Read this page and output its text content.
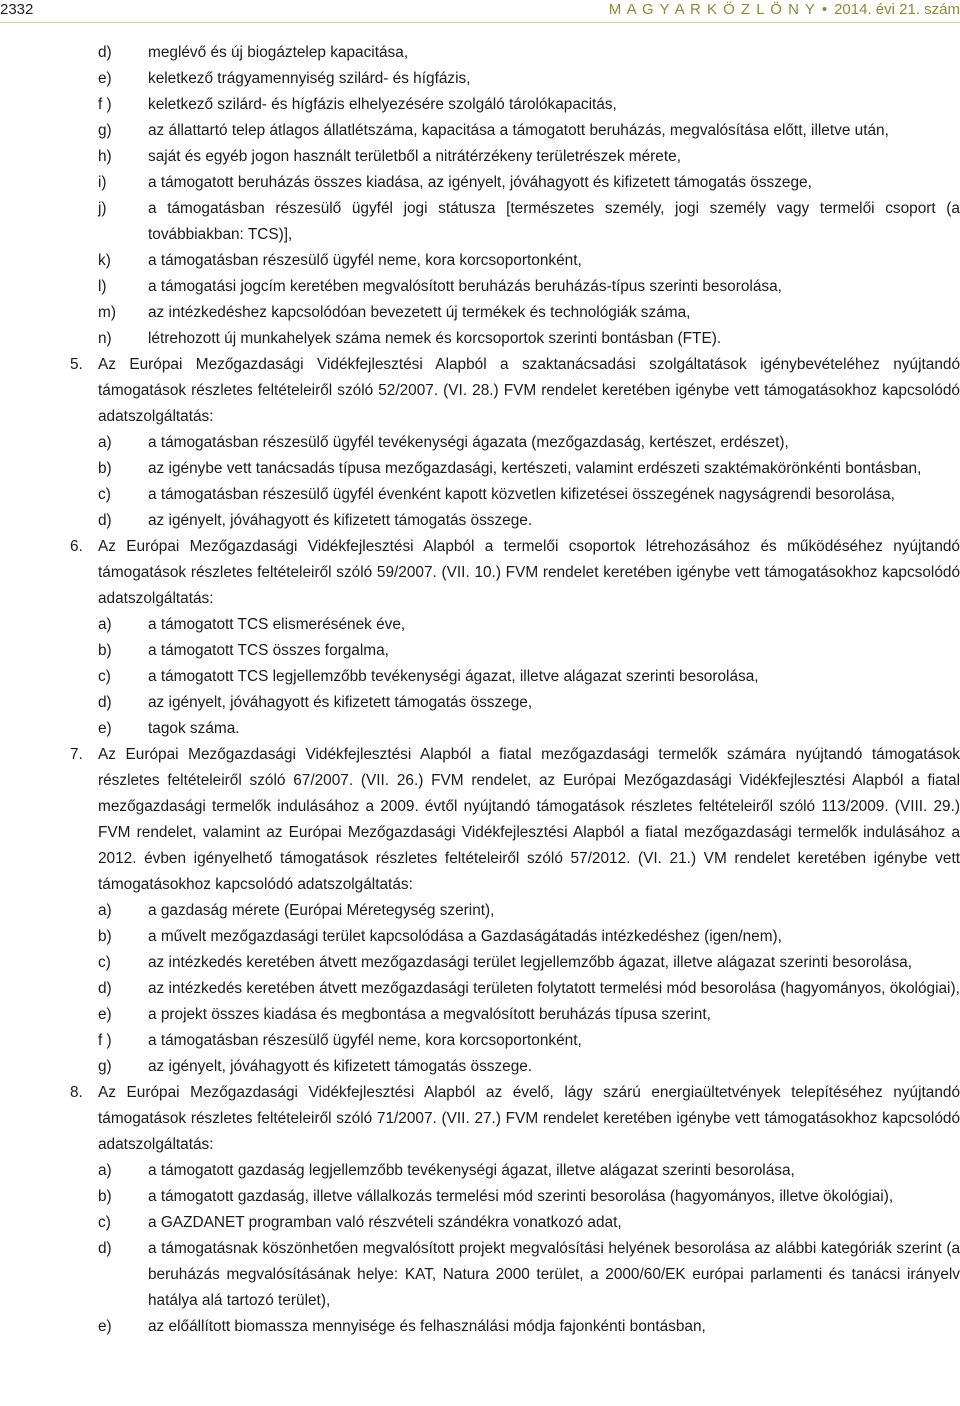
2332	M A G Y A R K Ö Z L Ö N Y • 2014. évi 21. szám
d) meglévő és új biogáztelep kapacitása,
e) keletkező trágyamennyiség szilárd- és hígfázis,
f ) keletkező szilárd- és hígfázis elhelyezésére szolgáló tárolókapacitás,
g) az állattartó telep átlagos állatlétszáma, kapacitása a támogatott beruházás, megvalósítása előtt, illetve után,
h) saját és egyéb jogon használt területből a nitrátérzékeny területrészek mérete,
i)	a támogatott beruházás összes kiadása, az igényelt, jóváhagyott és kifizetett támogatás összege,
j)	a támogatásban részesülő ügyfél jogi státusza [természetes személy, jogi személy vagy termelői csoport (a továbbiakban: TCS)],
k) a támogatásban részesülő ügyfél neme, kora korcsoportonként,
l)	a támogatási jogcím keretében megvalósított beruházás beruházás-típus szerinti besorolása,
m) az intézkedéshez kapcsolódóan bevezetett új termékek és technológiák száma,
n) létrehozott új munkahelyek száma nemek és korcsoportok szerinti bontásban (FTE).
5. Az Európai Mezőgazdasági Vidékfejlesztési Alapból a szaktanácsadási szolgáltatások igénybevételéhez nyújtandó támogatások részletes feltételeiről szóló 52/2007. (VI. 28.) FVM rendelet keretében igénybe vett támogatásokhoz kapcsolódó adatszolgáltatás:
a) a támogatásban részesülő ügyfél tevékenységi ágazata (mezőgazdaság, kertészet, erdészet),
b) az igénybe vett tanácsadás típusa mezőgazdasági, kertészeti, valamint erdészeti szaktémakörönkénti bontásban,
c) a támogatásban részesülő ügyfél évenként kapott közvetlen kifizetései összegének nagyságrendi besorolása,
d) az igényelt, jóváhagyott és kifizetett támogatás összege.
6. Az Európai Mezőgazdasági Vidékfejlesztési Alapból a termelői csoportok létrehozásához és működéséhez nyújtandó támogatások részletes feltételeiről szóló 59/2007. (VII. 10.) FVM rendelet keretében igénybe vett támogatásokhoz kapcsolódó adatszolgáltatás:
a) a támogatott TCS elismerésének éve,
b) a támogatott TCS összes forgalma,
c) a támogatott TCS legjellemzőbb tevékenységi ágazat, illetve alágazat szerinti besorolása,
d) az igényelt, jóváhagyott és kifizetett támogatás összege,
e) tagok száma.
7. Az Európai Mezőgazdasági Vidékfejlesztési Alapból a fiatal mezőgazdasági termelők számára nyújtandó támogatások részletes feltételeiről szóló 67/2007. (VII. 26.) FVM rendelet, az Európai Mezőgazdasági Vidékfejlesztési Alapból a fiatal mezőgazdasági termelők indulásához a 2009. évtől nyújtandó támogatások részletes feltételeiről szóló 113/2009. (VIII. 29.) FVM rendelet, valamint az Európai Mezőgazdasági Vidékfejlesztési Alapból a fiatal mezőgazdasági termelők indulásához a 2012. évben igényelhető támogatások részletes feltételeiről szóló 57/2012. (VI. 21.) VM rendelet keretében igénybe vett támogatásokhoz kapcsolódó adatszolgáltatás:
a) a gazdaság mérete (Európai Méretegység szerint),
b) a művelt mezőgazdasági terület kapcsolódása a Gazdaságátadás intézkedéshez (igen/nem),
c) az intézkedés keretében átvett mezőgazdasági terület legjellemzőbb ágazat, illetve alágazat szerinti besorolása,
d) az intézkedés keretében átvett mezőgazdasági területen folytatott termelési mód besorolása (hagyományos, ökológiai),
e) a projekt összes kiadása és megbontása a megvalósított beruházás típusa szerint,
f ) a támogatásban részesülő ügyfél neme, kora korcsoportonként,
g) az igényelt, jóváhagyott és kifizetett támogatás összege.
8. Az Európai Mezőgazdasági Vidékfejlesztési Alapból az évelő, lágy szárú energiaültetvények telepítéséhez nyújtandó támogatások részletes feltételeiről szóló 71/2007. (VII. 27.) FVM rendelet keretében igénybe vett támogatásokhoz kapcsolódó adatszolgáltatás:
a) a támogatott gazdaság legjellemzőbb tevékenységi ágazat, illetve alágazat szerinti besorolása,
b) a támogatott gazdaság, illetve vállalkozás termelési mód szerinti besorolása (hagyományos, illetve ökológiai),
c) a GAZDANET programban való részvételi szándékra vonatkozó adat,
d) a támogatásnak köszönhetően megvalósított projekt megvalósítási helyének besorolása az alábbi kategóriák szerint (a beruházás megvalósításának helye: KAT, Natura 2000 terület, a 2000/60/EK európai parlamenti és tanácsi irányelv hatálya alá tartozó terület),
e) az előállított biomassza mennyisége és felhasználási módja fajonkénti bontásban,
